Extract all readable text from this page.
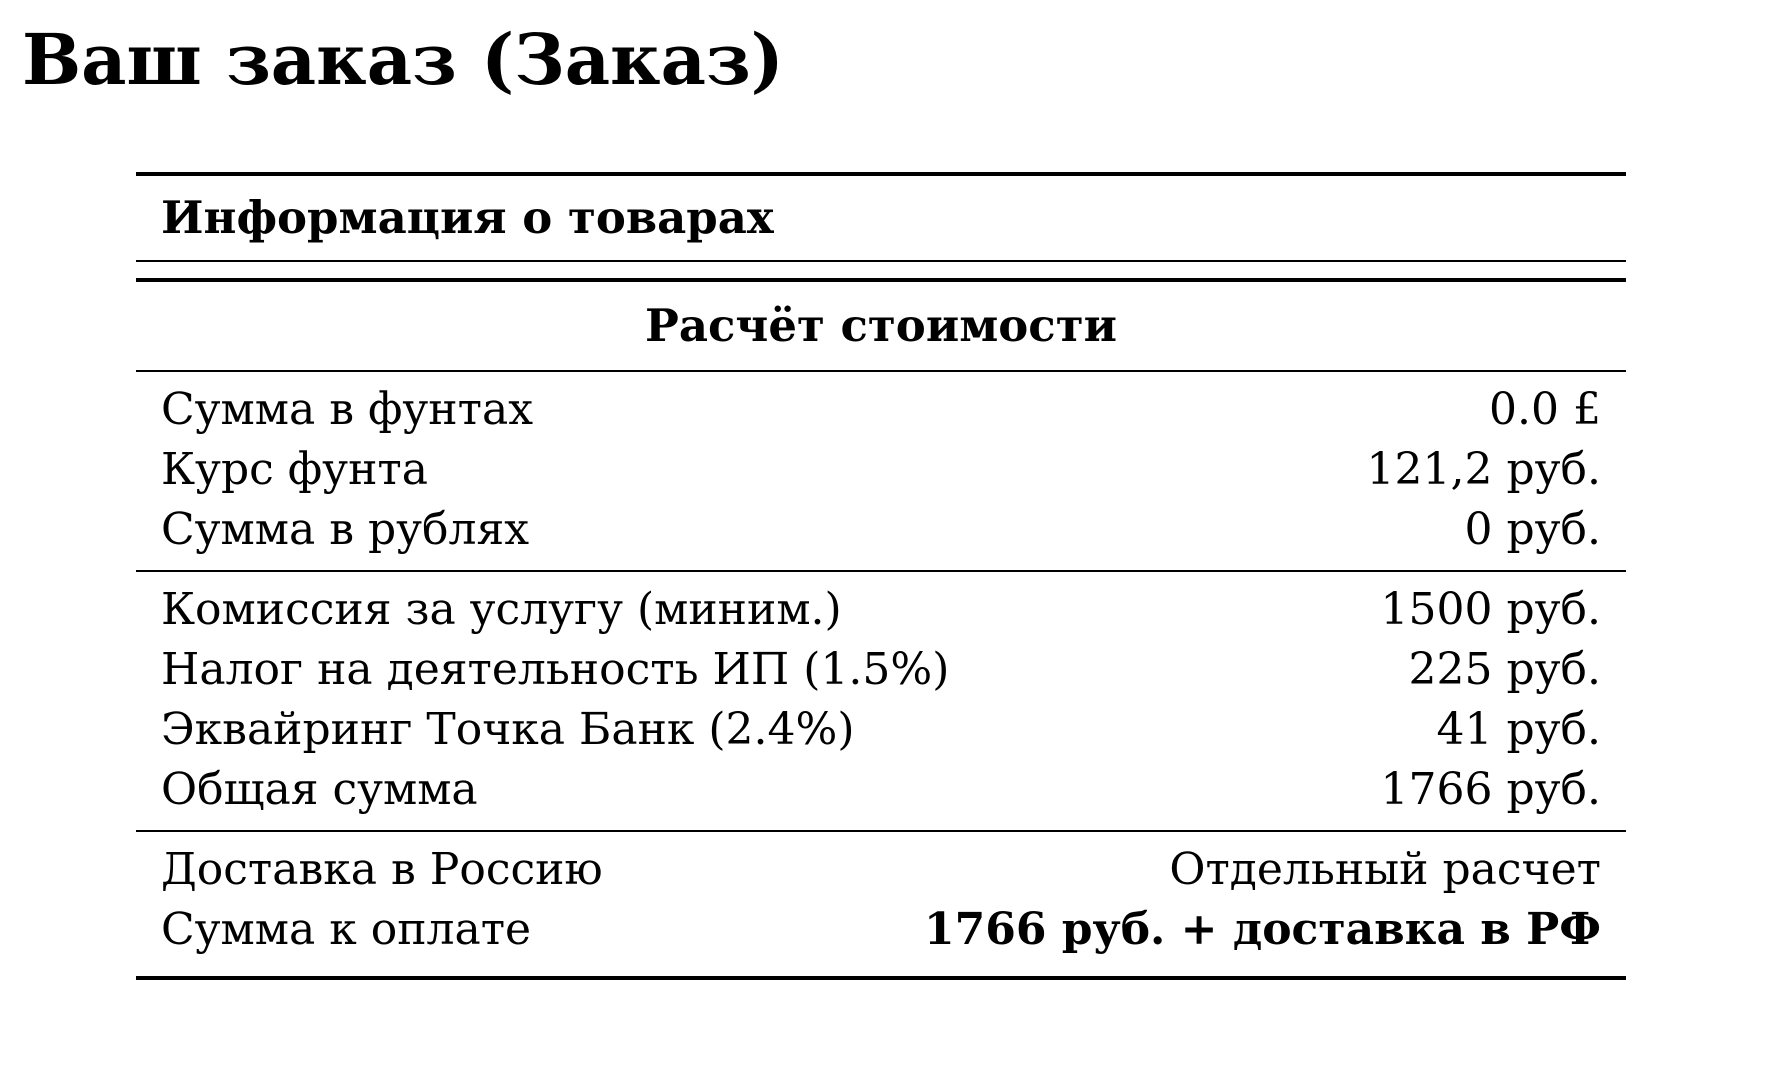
Ваш заказ (Заказ)
Информация о товарах
Расчёт стоимости
Сумма в фунтах	0.0 £
Курс фунта	121,2 руб.
Сумма в рублях	0 руб.
Комиссия за услугу (миним.)	1500 руб.
Налог на деятельность ИП (1.5%)	225 руб.
Эквайринг Точка Банк (2.4%)	41 руб.
Общая сумма	1766 руб.
Доставка в Россию	Отдельный расчет
Сумма к оплате	1766 руб. + доставка в РФ
